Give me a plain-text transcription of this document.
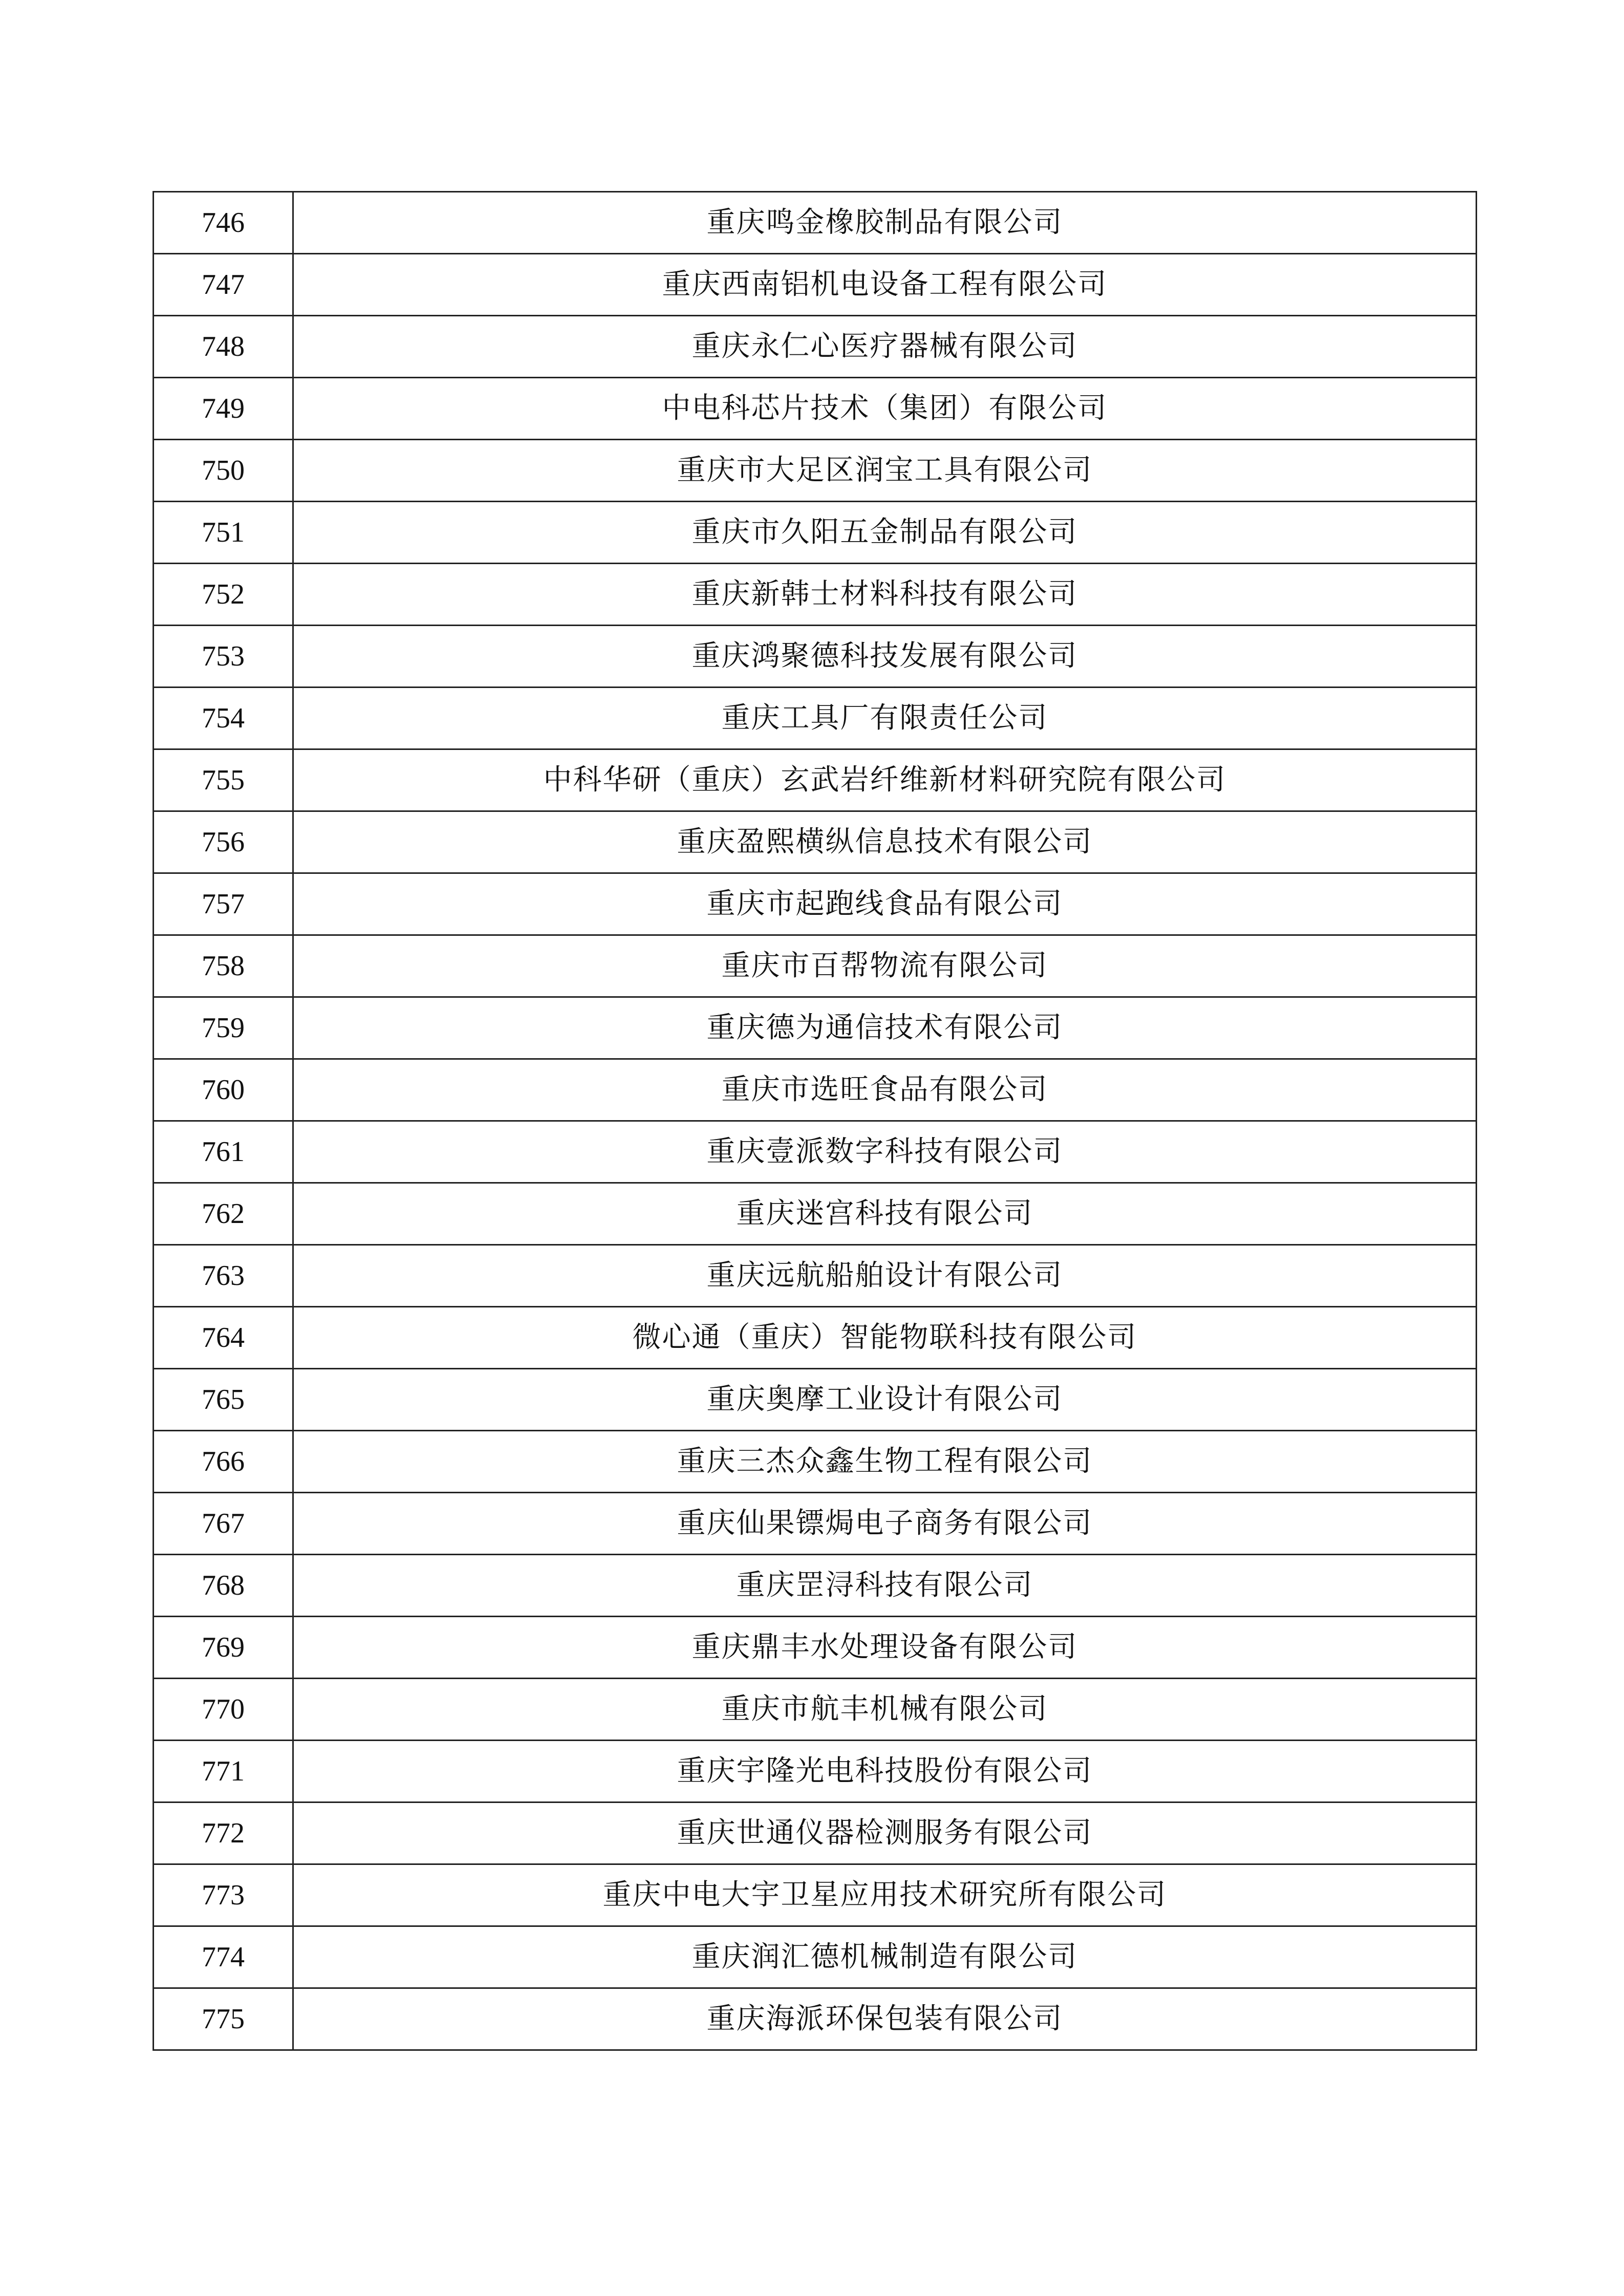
746	重庆鸣金橡胶制品有限公司
747	重庆西南铝机电设备工程有限公司
748	重庆永仁心医疗器械有限公司
749	中电科芯片技术（集团）有限公司
750	重庆市大足区润宝工具有限公司
751	重庆市久阳五金制品有限公司
752	重庆新韩士材料科技有限公司
753	重庆鸿聚德科技发展有限公司
754	重庆工具厂有限责任公司
755	中科华研（重庆）玄武岩纤维新材料研究院有限公司
756	重庆盈熙横纵信息技术有限公司
757	重庆市起跑线食品有限公司
758	重庆市百帮物流有限公司
759	重庆德为通信技术有限公司
760	重庆市选旺食品有限公司
761	重庆壹派数字科技有限公司
762	重庆迷宫科技有限公司
763	重庆远航船舶设计有限公司
764	微心通（重庆）智能物联科技有限公司
765	重庆奥摩工业设计有限公司
766	重庆三杰众鑫生物工程有限公司
767	重庆仙果镖焗电子商务有限公司
768	重庆罡浔科技有限公司
769	重庆鼎丰水处理设备有限公司
770	重庆市航丰机械有限公司
771	重庆宇隆光电科技股份有限公司
772	重庆世通仪器检测服务有限公司
773	重庆中电大宇卫星应用技术研究所有限公司
774	重庆润汇德机械制造有限公司
775	重庆海派环保包装有限公司
